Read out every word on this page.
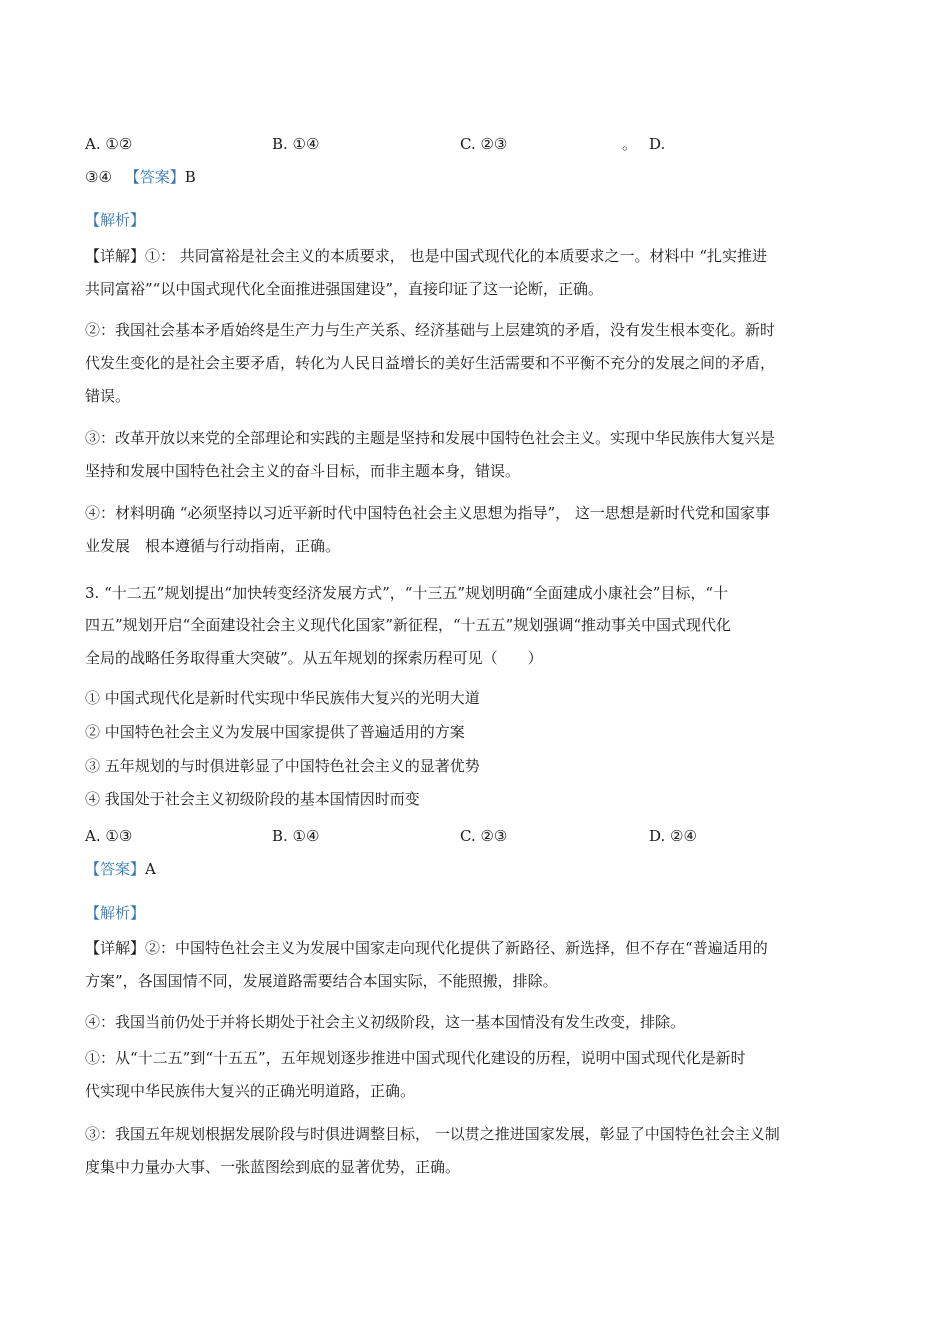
A. ①②	B. ①④	C. ②③	。 D.
③④ 【答案】B
【解析】
【详解】①： 共同富裕是社会主义的本质要求， 也是中国式现代化的本质要求之一。材料中 “扎实推进
共同富裕”“以中国式现代化全面推进强国建设”，直接印证了这一论断，正确。
②：我国社会基本矛盾始终是生产力与生产关系、经济基础与上层建筑的矛盾，没有发生根本变化。新时
代发生变化的是社会主要矛盾，转化为人民日益增长的美好生活需要和不平衡不充分的发展之间的矛盾，
错误。
③：改革开放以来党的全部理论和实践的主题是坚持和发展中国特色社会主义。实现中华民族伟大复兴是
坚持和发展中国特色社会主义的奋斗目标，而非主题本身，错误。
④：材料明确 “必须坚持以习近平新时代中国特色社会主义思想为指导”， 这一思想是新时代党和国家事
业发展　根本遵循与行动指南，正确。
3. “十二五”规划提出“加快转变经济发展方式”，“十三五”规划明确“全面建成小康社会”目标，“十
四五”规划开启“全面建设社会主义现代化国家”新征程，“十五五”规划强调“推动事关中国式现代化
全局的战略任务取得重大突破”。从五年规划的探索历程可见（　　）
① 中国式现代化是新时代实现中华民族伟大复兴的光明大道
② 中国特色社会主义为发展中国家提供了普遍适用的方案
③ 五年规划的与时俱进彰显了中国特色社会主义的显著优势
④ 我国处于社会主义初级阶段的基本国情因时而变
A. ①③	B. ①④	C. ②③	D. ②④
【答案】A
【解析】
【详解】②：中国特色社会主义为发展中国家走向现代化提供了新路径、新选择，但不存在“普遍适用的
方案”，各国国情不同，发展道路需要结合本国实际，不能照搬，排除。
④：我国当前仍处于并将长期处于社会主义初级阶段，这一基本国情没有发生改变，排除。
①：从“十二五”到“十五五”，五年规划逐步推进中国式现代化建设的历程，说明中国式现代化是新时
代实现中华民族伟大复兴的正确光明道路，正确。
③：我国五年规划根据发展阶段与时俱进调整目标， 一以贯之推进国家发展，彰显了中国特色社会主义制
度集中力量办大事、一张蓝图绘到底的显著优势，正确。
